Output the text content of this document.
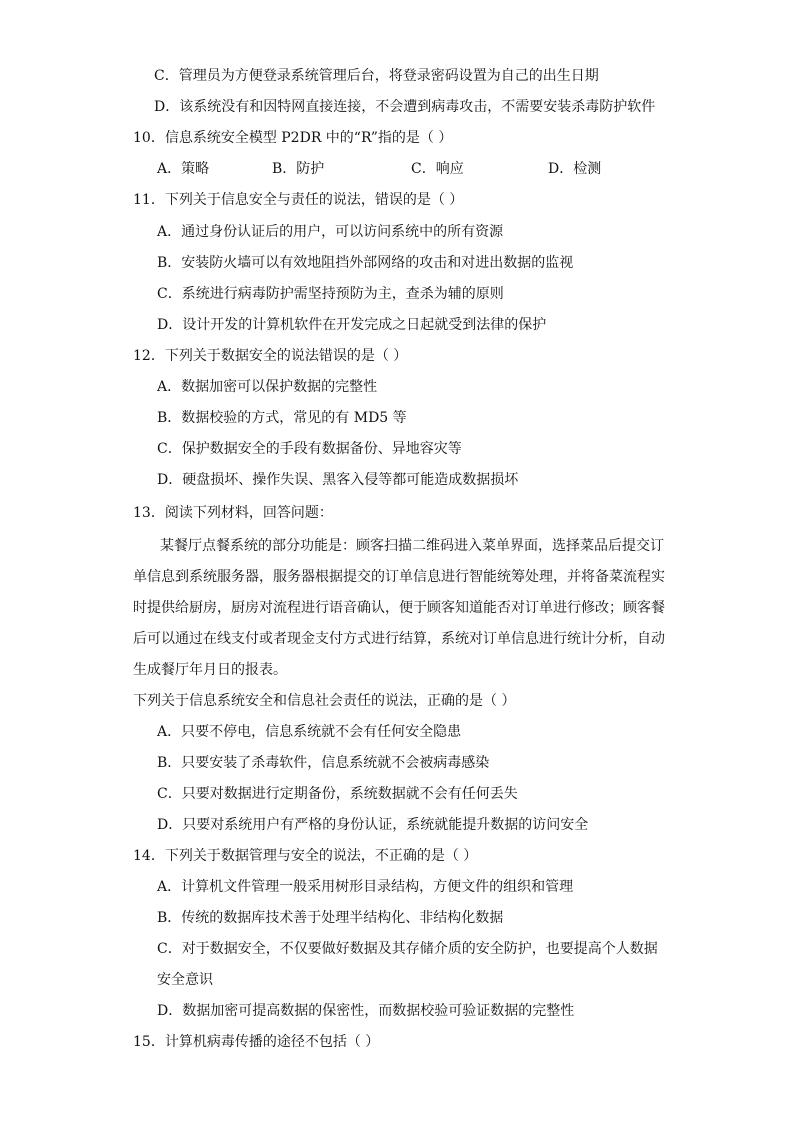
C．管理员为方便登录系统管理后台，将登录密码设置为自己的出生日期
D．该系统没有和因特网直接连接，不会遭到病毒攻击，不需要安装杀毒防护软件
10．信息系统安全模型 P2DR 中的“R”指的是（ ）
A．策略	B．防护	C．响应	D．检测
11．下列关于信息安全与责任的说法，错误的是（ ）
A．通过身份认证后的用户，可以访问系统中的所有资源
B．安装防火墙可以有效地阻挡外部网络的攻击和对进出数据的监视
C．系统进行病毒防护需坚持预防为主，查杀为辅的原则
D．设计开发的计算机软件在开发完成之日起就受到法律的保护
12．下列关于数据安全的说法错误的是（ ）
A．数据加密可以保护数据的完整性
B．数据校验的方式，常见的有 MD5 等
C．保护数据安全的手段有数据备份、异地容灾等
D．硬盘损坏、操作失误、黑客入侵等都可能造成数据损坏
13．阅读下列材料，回答问题：
某餐厅点餐系统的部分功能是：顾客扫描二维码进入菜单界面，选择菜品后提交订
单信息到系统服务器，服务器根据提交的订单信息进行智能统筹处理，并将备菜流程实
时提供给厨房，厨房对流程进行语音确认，便于顾客知道能否对订单进行修改；顾客餐
后可以通过在线支付或者现金支付方式进行结算，系统对订单信息进行统计分析，自动
生成餐厅年月日的报表。
下列关于信息系统安全和信息社会责任的说法，正确的是（ ）
A．只要不停电，信息系统就不会有任何安全隐患
B．只要安装了杀毒软件，信息系统就不会被病毒感染
C．只要对数据进行定期备份，系统数据就不会有任何丢失
D．只要对系统用户有严格的身份认证，系统就能提升数据的访问安全
14．下列关于数据管理与安全的说法，不正确的是（ ）
A．计算机文件管理一般采用树形目录结构，方便文件的组织和管理
B．传统的数据库技术善于处理半结构化、非结构化数据
C．对于数据安全，不仅要做好数据及其存储介质的安全防护，也要提高个人数据
安全意识
D．数据加密可提高数据的保密性，而数据校验可验证数据的完整性
15．计算机病毒传播的途径不包括（ ）
